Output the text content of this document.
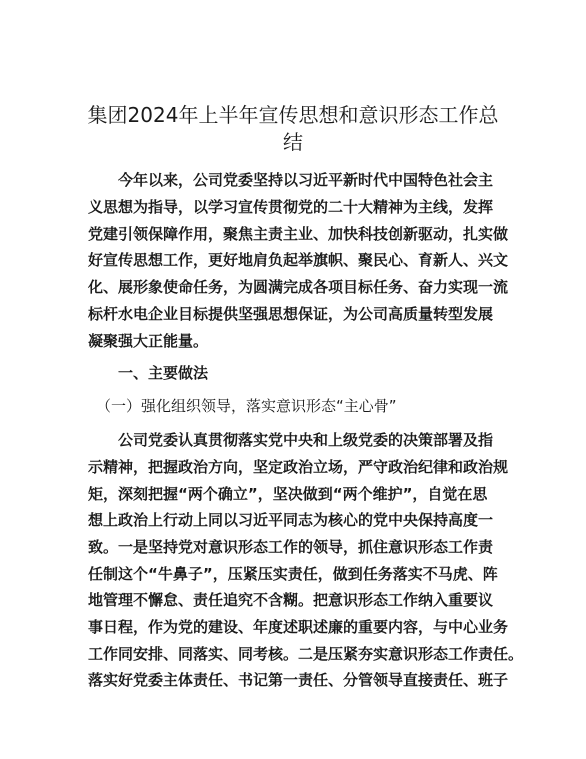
集团2024年上半年宣传思想和意识形态工作总
结
今年以来，公司党委坚持以习近平新时代中国特色社会主
义思想为指导，以学习宣传贯彻党的二十大精神为主线，发挥
党建引领保障作用，聚焦主责主业、加快科技创新驱动，扎实做
好宣传思想工作，更好地肩负起举旗帜、聚民心、育新人、兴文
化、展形象使命任务，为圆满完成各项目标任务、奋力实现一流
标杆水电企业目标提供坚强思想保证，为公司高质量转型发展
凝聚强大正能量。
一、主要做法
（一）强化组织领导，落实意识形态“主心骨”
公司党委认真贯彻落实党中央和上级党委的决策部署及指
示精神，把握政治方向，坚定政治立场，严守政治纪律和政治规
矩，深刻把握“两个确立”，坚决做到“两个维护”，自觉在思
想上政治上行动上同以习近平同志为核心的党中央保持高度一
致。一是坚持党对意识形态工作的领导，抓住意识形态工作责
任制这个“牛鼻子”，压紧压实责任，做到任务落实不马虎、阵
地管理不懈怠、责任追究不含糊。把意识形态工作纳入重要议
事日程，作为党的建设、年度述职述廉的重要内容，与中心业务
工作同安排、同落实、同考核。二是压紧夯实意识形态工作责任。
落实好党委主体责任、书记第一责任、分管领导直接责任、班子
